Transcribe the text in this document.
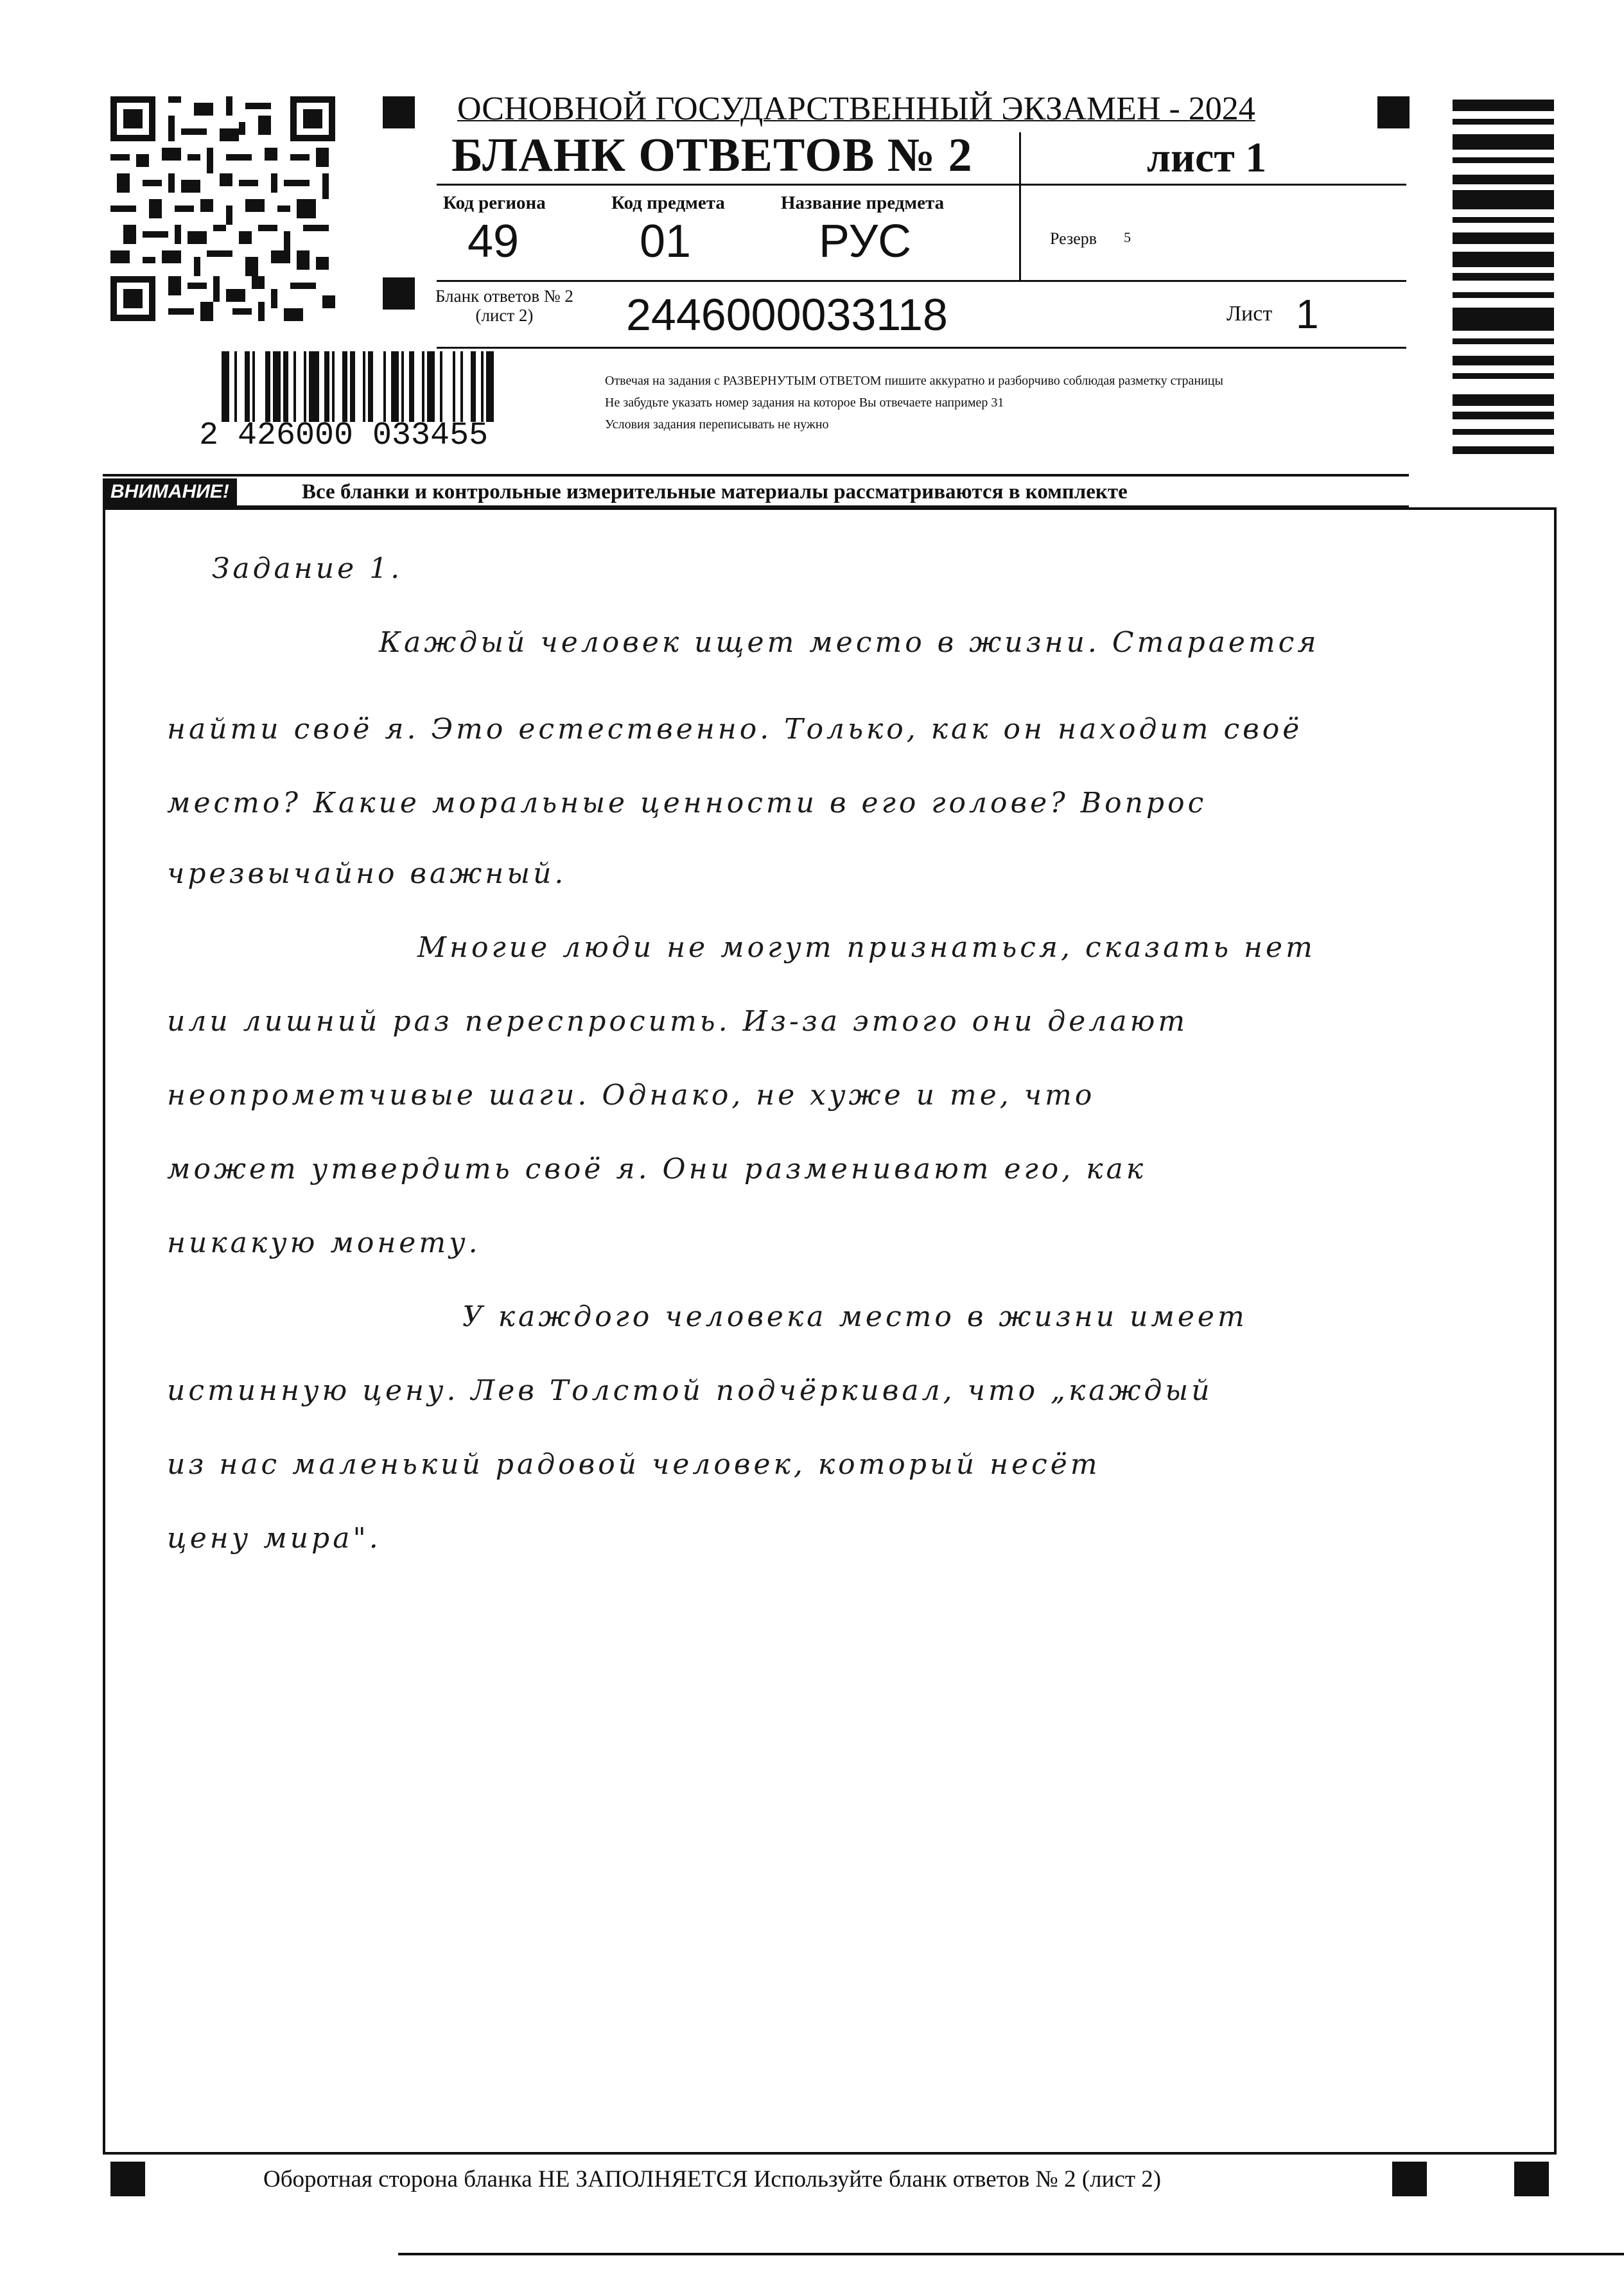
ОСНОВНОЙ ГОСУДАРСТВЕННЫЙ ЭКЗАМЕН - 2024
БЛАНК ОТВЕТОВ № 2	лист 1
Код региона
49
Код предмета
01
Название предмета
РУС	Резерв 5
Бланк ответов № 2
(лист 2)	2446000033118	Лист 1
2 426000 033455
Отвечая на задания с РАЗВЕРНУТЫМ ОТВЕТОМ пишите аккуратно и разборчиво соблюдая разметку страницы
Не забудьте указать номер задания на которое Вы отвечаете например 31
Условия задания переписывать не нужно
ВНИМАНИЕ!	Все бланки и контрольные измерительные материалы рассматриваются в комплекте
Задание 1.
Каждый человек ищет место в жизни. Старается
найти своё я. Это естественно. Только, как он находит своё
место? Какие моральные ценности в его голове? Вопрос
чрезвычайно важный.
Многие люди не могут признаться, сказать нет
или лишний раз переспросить. Из-за этого они делают
неопрометчивые шаги. Однако, не хуже и те, что
может утвердить своё я. Они разменивают его, как
никакую монету.
У каждого человека место в жизни имеет
истинную цену. Лев Толстой подчёркивал, что „каждый
из нас маленький радовой человек, который несёт
цену мира".
Оборотная сторона бланка НЕ ЗАПОЛНЯЕТСЯ Используйте бланк ответов № 2 (лист 2)
